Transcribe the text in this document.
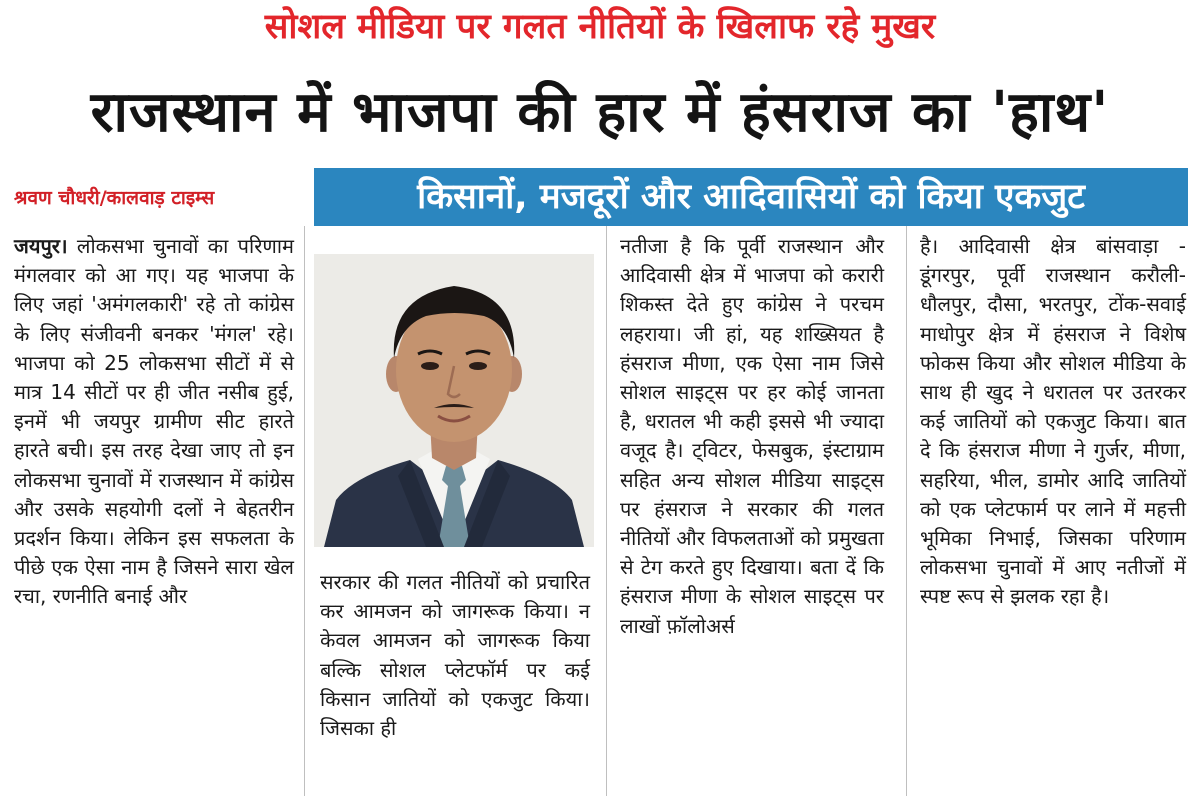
सोशल मीडिया पर गलत नीतियों के खिलाफ रहे मुखर
राजस्थान में भाजपा की हार में हंसराज का 'हाथ'
श्रवण चौधरी/कालवाड़ टाइम्स	किसानों, मजदूरों और आदिवासियों को किया एकजुट
जयपुर। लोकसभा चुनावों का परिणाम मंगलवार को आ गए। यह भाजपा के लिए जहां 'अमंगलकारी' रहे तो कांग्रेस के लिए संजीवनी बनकर 'मंगल' रहे। भाजपा को 25 लोकसभा सीटों में से मात्र 14 सीटों पर ही जीत नसीब हुई, इनमें भी जयपुर ग्रामीण सीट हारते हारते बची। इस तरह देखा जाए तो इन लोकसभा चुनावों में राजस्थान में कांग्रेस और उसके सहयोगी दलों ने बेहतरीन प्रदर्शन किया। लेकिन इस सफलता के पीछे एक ऐसा नाम है जिसने सारा खेल रचा, रणनीति बनाई और
सरकार की गलत नीतियों को प्रचारित कर आमजन को जागरूक किया। न केवल आमजन को जागरूक किया बल्कि सोशल प्लेटफॉर्म पर कई किसान जातियों को एकजुट किया।जिसका ही
नतीजा है कि पूर्वी राजस्थान और आदिवासी क्षेत्र में भाजपा को करारी शिकस्त देते हुए कांग्रेस ने परचम लहराया। जी हां, यह शख्सियत है हंसराज मीणा, एक ऐसा नाम जिसे सोशल साइट्स पर हर कोई जानता है, धरातल भी कही इससे भी ज्यादा वजूद है। ट्विटर, फेसबुक, इंस्टाग्राम सहित अन्य सोशल मीडिया साइट्स पर हंसराज ने सरकार की गलत नीतियों और विफलताओं को प्रमुखता से टेग करते हुए दिखाया। बता दें कि हंसराज मीणा के सोशल साइट्स पर लाखों फ़ॉलोअर्स
है। आदिवासी क्षेत्र बांसवाड़ा - डूंगरपुर, पूर्वी राजस्थान करौली-धौलपुर, दौसा, भरतपुर, टोंक-सवाई माधोपुर क्षेत्र में हंसराज ने विशेष फोकस किया और सोशल मीडिया के साथ ही खुद ने धरातल पर उतरकर कई जातियों को एकजुट किया। बात दे कि हंसराज मीणा ने गुर्जर, मीणा, सहरिया, भील, डामोर आदि जातियों को एक प्लेटफार्म पर लाने में महत्ती भूमिका निभाई, जिसका परिणाम लोकसभा चुनावों में आए नतीजों में स्पष्ट रूप से झलक रहा है।
